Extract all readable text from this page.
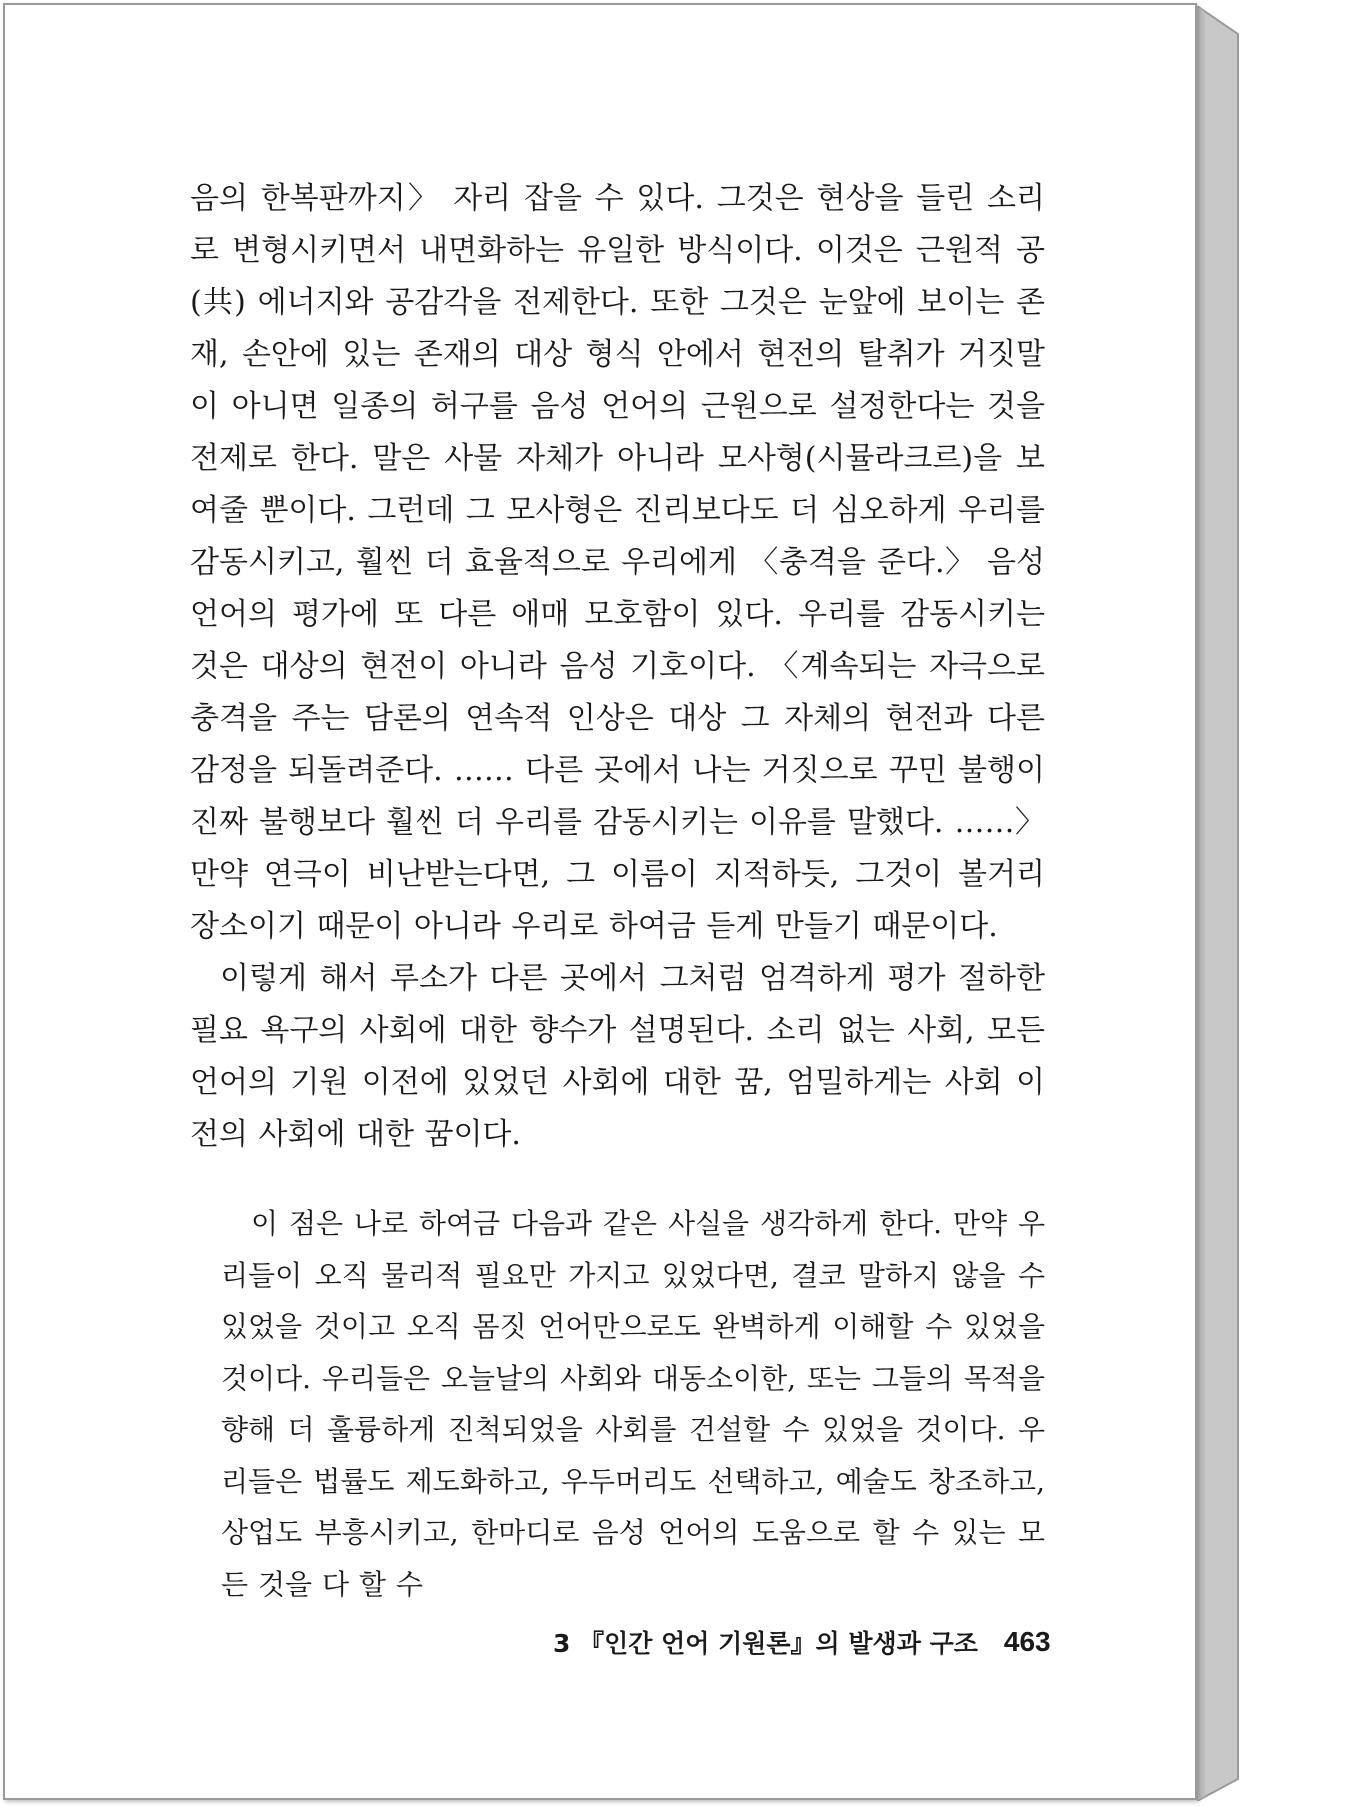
음의 한복판까지〉 자리 잡을 수 있다. 그것은 현상을 들린 소리로 변형시키면서 내면화하는 유일한 방식이다. 이것은 근원적 공(共) 에너지와 공감각을 전제한다. 또한 그것은 눈앞에 보이는 존재, 손안에 있는 존재의 대상 형식 안에서 현전의 탈취가 거짓말이 아니면 일종의 허구를 음성 언어의 근원으로 설정한다는 것을 전제로 한다. 말은 사물 자체가 아니라 모사형(시뮬라크르)을 보여줄 뿐이다. 그런데 그 모사형은 진리보다도 더 심오하게 우리를 감동시키고, 훨씬 더 효율적으로 우리에게 〈충격을 준다.〉 음성 언어의 평가에 또 다른 애매 모호함이 있다. 우리를 감동시키는 것은 대상의 현전이 아니라 음성 기호이다. 〈계속되는 자극으로 충격을 주는 담론의 연속적 인상은 대상 그 자체의 현전과 다른 감정을 되돌려준다. …… 다른 곳에서 나는 거짓으로 꾸민 불행이 진짜 불행보다 훨씬 더 우리를 감동시키는 이유를 말했다. ……〉 만약 연극이 비난받는다면, 그 이름이 지적하듯, 그것이 볼거리 장소이기 때문이 아니라 우리로 하여금 듣게 만들기 때문이다.

이렇게 해서 루소가 다른 곳에서 그처럼 엄격하게 평가 절하한 필요 욕구의 사회에 대한 향수가 설명된다. 소리 없는 사회, 모든 언어의 기원 이전에 있었던 사회에 대한 꿈, 엄밀하게는 사회 이전의 사회에 대한 꿈이다.

이 점은 나로 하여금 다음과 같은 사실을 생각하게 한다. 만약 우리들이 오직 물리적 필요만 가지고 있었다면, 결코 말하지 않을 수 있었을 것이고 오직 몸짓 언어만으로도 완벽하게 이해할 수 있었을 것이다. 우리들은 오늘날의 사회와 대동소이한, 또는 그들의 목적을 향해 더 훌륭하게 진척되었을 사회를 건설할 수 있었을 것이다. 우리들은 법률도 제도화하고, 우두머리도 선택하고, 예술도 창조하고, 상업도 부흥시키고, 한마디로 음성 언어의 도움으로 할 수 있는 모든 것을 다 할 수

3 『인간 언어 기원론』의 발생과 구조 463
